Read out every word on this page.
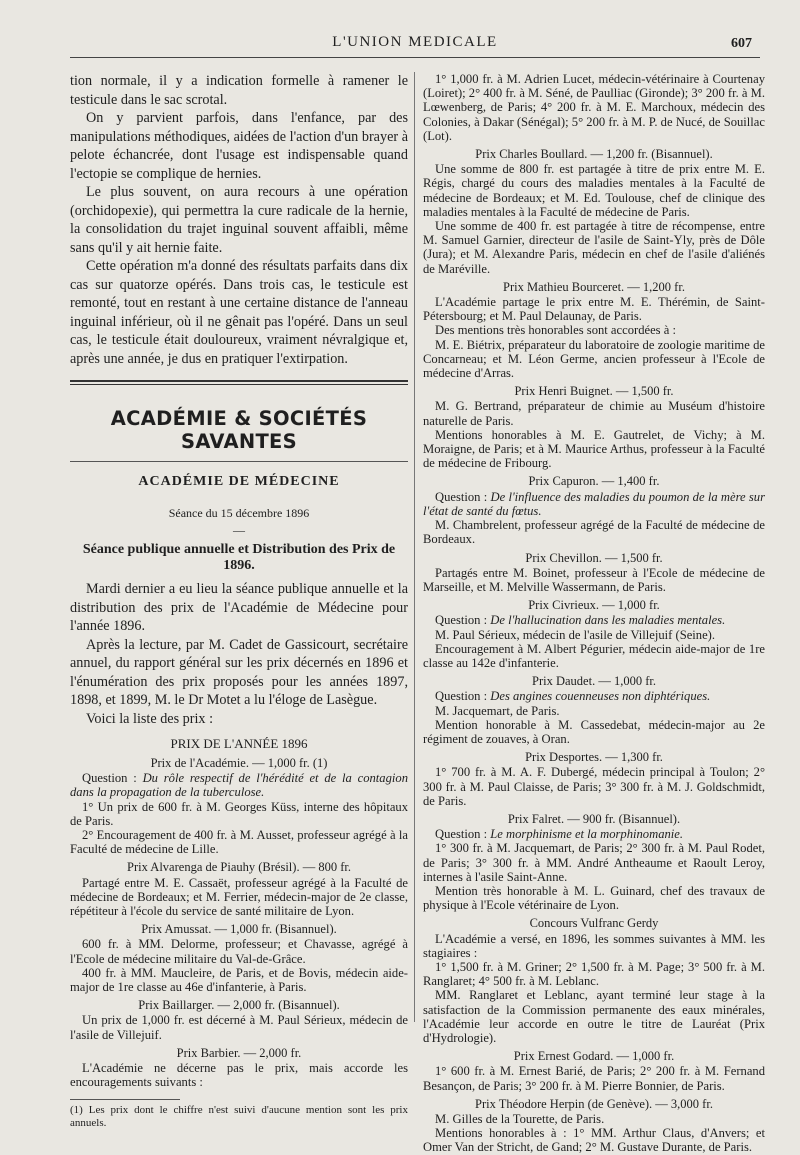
L'UNION MEDICALE	607

tion normale, il y a indication formelle à ramener le testicule dans le sac scrotal.

On y parvient parfois, dans l'enfance, par des manipulations méthodiques, aidées de l'action d'un brayer à pelote échancrée, dont l'usage est indispensable quand l'ectopie se complique de hernies.

Le plus souvent, on aura recours à une opération (orchidopexie), qui permettra la cure radicale de la hernie, la consolidation du trajet inguinal souvent affaibli, même sans qu'il y ait hernie faite.

Cette opération m'a donné des résultats parfaits dans dix cas sur quatorze opérés. Dans trois cas, le testicule est remonté, tout en restant à une certaine distance de l'anneau inguinal inférieur, où il ne gênait pas l'opéré. Dans un seul cas, le testicule était douloureux, vraiment névralgique et, après une année, je dus en pratiquer l'extirpation.

ACADÉMIE & SOCIÉTÉS SAVANTES
ACADÉMIE DE MÉDECINE
Séance du 15 décembre 1896
—
Séance publique annuelle et Distribution des Prix de 1896.

Mardi dernier a eu lieu la séance publique annuelle et la distribution des prix de l'Académie de Médecine pour l'année 1896.

Après la lecture, par M. Cadet de Gassicourt, secrétaire annuel, du rapport général sur les prix décernés en 1896 et l'énumération des prix proposés pour les années 1897, 1898, et 1899, M. le Dr Motet a lu l'éloge de Lasègue.

Voici la liste des prix :

PRIX DE L'ANNÉE 1896
Prix de l'Académie. — 1,000 fr. (1)

Question : Du rôle respectif de l'hérédité et de la contagion dans la propagation de la tuberculose.

1° Un prix de 600 fr. à M. Georges Küss, interne des hôpitaux de Paris.

2° Encouragement de 400 fr. à M. Ausset, professeur agrégé à la Faculté de médecine de Lille.

Prix Alvarenga de Piauhy (Brésil). — 800 fr.

Partagé entre M. E. Cassaët, professeur agrégé à la Faculté de médecine de Bordeaux; et M. Ferrier, médecin-major de 2e classe, répétiteur à l'école du service de santé militaire de Lyon.

Prix Amussat. — 1,000 fr. (Bisannuel).

600 fr. à MM. Delorme, professeur; et Chavasse, agrégé à l'Ecole de médecine militaire du Val-de-Grâce.

400 fr. à MM. Maucleire, de Paris, et de Bovis, médecin aide-major de 1re classe au 46e d'infanterie, à Paris.

Prix Baillarger. — 2,000 fr. (Bisannuel).

Un prix de 1,000 fr. est décerné à M. Paul Sérieux, médecin de l'asile de Villejuif.

Prix Barbier. — 2,000 fr.

L'Académie ne décerne pas le prix, mais accorde les encouragements suivants :

(1) Les prix dont le chiffre n'est suivi d'aucune mention sont les prix annuels.

1° 1,000 fr. à M. Adrien Lucet, médecin-vétérinaire à Courtenay (Loiret); 2° 400 fr. à M. Séné, de Paulliac (Gironde); 3° 200 fr. à M. Lœwenberg, de Paris; 4° 200 fr. à M. E. Marchoux, médecin des Colonies, à Dakar (Sénégal); 5° 200 fr. à M. P. de Nucé, de Souillac (Lot).

Prix Charles Boullard. — 1,200 fr. (Bisannuel).

Une somme de 800 fr. est partagée à titre de prix entre M. E. Régis, chargé du cours des maladies mentales à la Faculté de médecine de Bordeaux; et M. Ed. Toulouse, chef de clinique des maladies mentales à la Faculté de médecine de Paris.

Une somme de 400 fr. est partagée à titre de récompense, entre M. Samuel Garnier, directeur de l'asile de Saint-Yly, près de Dôle (Jura); et M. Alexandre Paris, médecin en chef de l'asile d'aliénés de Maréville.

Prix Mathieu Bourceret. — 1,200 fr.

L'Académie partage le prix entre M. E. Thérémin, de Saint-Pétersbourg; et M. Paul Delaunay, de Paris.

Des mentions très honorables sont accordées à :

M. E. Biétrix, préparateur du laboratoire de zoologie maritime de Concarneau; et M. Léon Germe, ancien professeur à l'Ecole de médecine d'Arras.

Prix Henri Buignet. — 1,500 fr.

M. G. Bertrand, préparateur de chimie au Muséum d'histoire naturelle de Paris.

Mentions honorables à M. E. Gautrelet, de Vichy; à M. Moraigne, de Paris; et à M. Maurice Arthus, professeur à la Faculté de médecine de Fribourg.

Prix Capuron. — 1,400 fr.

Question : De l'influence des maladies du poumon de la mère sur l'état de santé du fœtus.

M. Chambrelent, professeur agrégé de la Faculté de médecine de Bordeaux.

Prix Chevillon. — 1,500 fr.

Partagés entre M. Boinet, professeur à l'Ecole de médecine de Marseille, et M. Melville Wassermann, de Paris.

Prix Civrieux. — 1,000 fr.

Question : De l'hallucination dans les maladies mentales.

M. Paul Sérieux, médecin de l'asile de Villejuif (Seine).

Encouragement à M. Albert Pégurier, médecin aide-major de 1re classe au 142e d'infanterie.

Prix Daudet. — 1,000 fr.

Question : Des angines couenneuses non diphtériques.

M. Jacquemart, de Paris.

Mention honorable à M. Cassedebat, médecin-major au 2e régiment de zouaves, à Oran.

Prix Desportes. — 1,300 fr.

1° 700 fr. à M. A. F. Dubergé, médecin principal à Toulon; 2° 300 fr. à M. Paul Claisse, de Paris; 3° 300 fr. à M. J. Goldschmidt, de Paris.

Prix Falret. — 900 fr. (Bisannuel).

Question : Le morphinisme et la morphinomanie.

1° 300 fr. à M. Jacquemart, de Paris; 2° 300 fr. à M. Paul Rodet, de Paris; 3° 300 fr. à MM. André Antheaume et Raoult Leroy, internes à l'asile Saint-Anne.

Mention très honorable à M. L. Guinard, chef des travaux de physique à l'Ecole vétérinaire de Lyon.

Concours Vulfranc Gerdy

L'Académie a versé, en 1896, les sommes suivantes à MM. les stagiaires :

1° 1,500 fr. à M. Griner; 2° 1,500 fr. à M. Page; 3° 500 fr. à M. Ranglaret; 4° 500 fr. à M. Leblanc.

MM. Ranglaret et Leblanc, ayant terminé leur stage à la satisfaction de la Commission permanente des eaux minérales, l'Académie leur accorde en outre le titre de Lauréat (Prix d'Hydrologie).

Prix Ernest Godard. — 1,000 fr.

1° 600 fr. à M. Ernest Barié, de Paris; 2° 200 fr. à M. Fernand Besançon, de Paris; 3° 200 fr. à M. Pierre Bonnier, de Paris.

Prix Théodore Herpin (de Genève). — 3,000 fr.

M. Gilles de la Tourette, de Paris.

Mentions honorables à : 1° MM. Arthur Claus, d'Anvers; et Omer Van der Stricht, de Gand; 2° M. Gustave Durante, de Paris.
